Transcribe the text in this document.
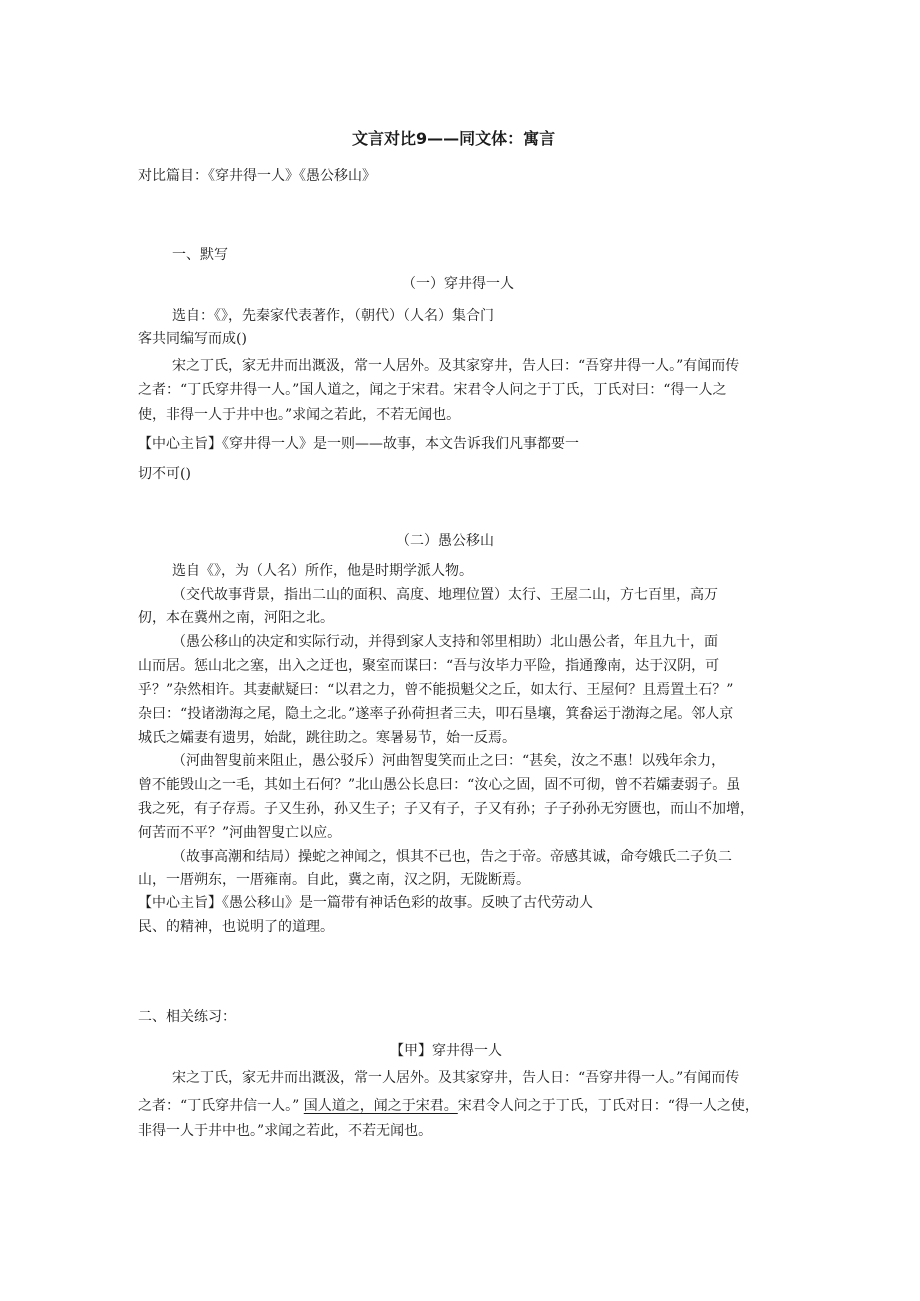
文言对比9——同文体：寓言
对比篇目：《穿井得一人》《愚公移山》
一、默写
（一）穿井得一人
选自：《》，先秦家代表著作，（朝代）（人名）集合门
客共同编写而成()
宋之丁氏，家无井而出溉汲，常一人居外。及其家穿井，告人曰：“吾穿井得一人。”有闻而传
之者：“丁氏穿井得一人。”国人道之，闻之于宋君。宋君令人问之于丁氏，丁氏对曰：“得一人之
使，非得一人于井中也。”求闻之若此，不若无闻也。
【中心主旨】《穿井得一人》是一则——故事，本文告诉我们凡事都要一
切不可()
（二）愚公移山
选自《》，为（人名）所作，他是时期学派人物。
（交代故事背景，指出二山的面积、高度、地理位置）太行、王屋二山，方七百里，高万
仞，本在冀州之南，河阳之北。
（愚公移山的决定和实际行动，并得到家人支持和邻里相助）北山愚公者，年且九十，面
山而居。惩山北之塞，出入之迂也，聚室而谋曰：“吾与汝毕力平险，指通豫南，达于汉阴，可
乎？”杂然相许。其妻献疑曰：“以君之力，曾不能损魁父之丘，如太行、王屋何？且焉置土石？”
杂曰：“投诸渤海之尾，隐土之北。”遂率子孙荷担者三夫，叩石垦壤，箕畚运于渤海之尾。邻人京
城氏之孀妻有遗男，始龀，跳往助之。寒暑易节，始一反焉。
（河曲智叟前来阻止，愚公驳斥）河曲智叟笑而止之曰：“甚矣，汝之不惠！以残年余力，
曾不能毁山之一毛，其如土石何？”北山愚公长息曰：“汝心之固，固不可彻，曾不若孀妻弱子。虽
我之死，有子存焉。子又生孙，孙又生子；子又有子，子又有孙；子子孙孙无穷匮也，而山不加增，
何苦而不平？”河曲智叟亡以应。
（故事高潮和结局）操蛇之神闻之，惧其不已也，告之于帝。帝感其诚，命夸娥氏二子负二
山，一厝朔东，一厝雍南。自此，冀之南，汉之阴，无陇断焉。
【中心主旨】《愚公移山》是一篇带有神话色彩的故事。反映了古代劳动人
民、的精神，也说明了的道理。
二、相关练习：
【甲】穿井得一人
宋之丁氏，家无井而出溉汲，常一人居外。及其家穿井，告人日：“吾穿井得一人。”有闻而传
之者：“丁氏穿井信一人。” 国人道之，闻之于宋君。宋君令人问之于丁氏，丁氏对日：“得一人之使，
非得一人于井中也。”求闻之若此，不若无闻也。
